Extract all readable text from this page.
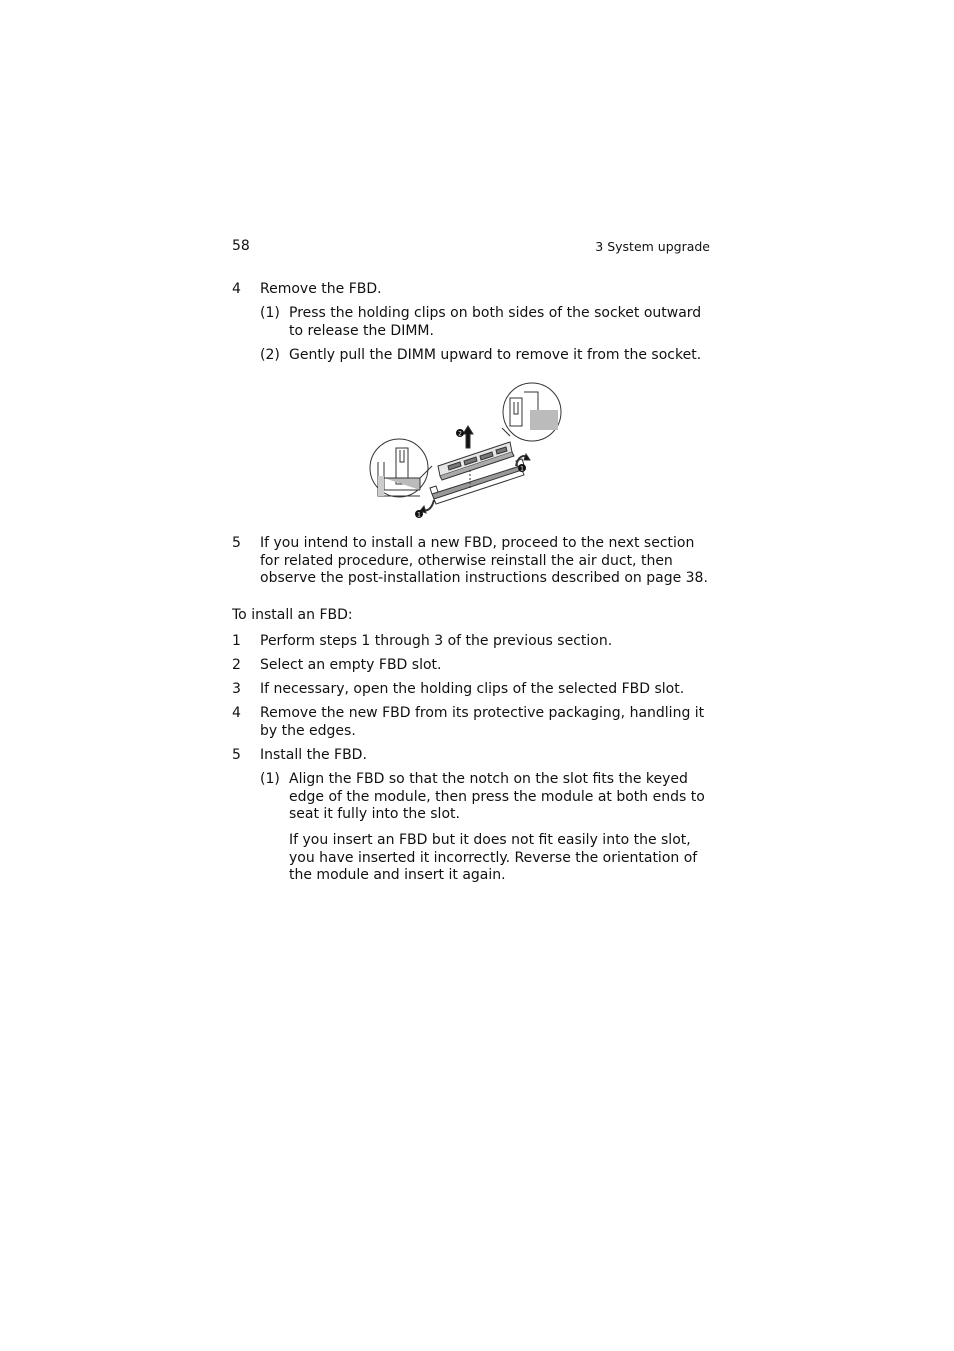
58	3 System upgrade
4 Remove the FBD.
(1) Press the holding clips on both sides of the socket outward to release the DIMM.
(2) Gently pull the DIMM upward to remove it from the socket.
2
1
1
5 If you intend to install a new FBD, proceed to the next section for related procedure, otherwise reinstall the air duct, then observe the post-installation instructions described on page 38.
To install an FBD:
1 Perform steps 1 through 3 of the previous section.
2 Select an empty FBD slot.
3 If necessary, open the holding clips of the selected FBD slot.
4 Remove the new FBD from its protective packaging, handling it by the edges.
5 Install the FBD.
(1) Align the FBD so that the notch on the slot fits the keyed edge of the module, then press the module at both ends to seat it fully into the slot.
If you insert an FBD but it does not fit easily into the slot, you have inserted it incorrectly. Reverse the orientation of the module and insert it again.
